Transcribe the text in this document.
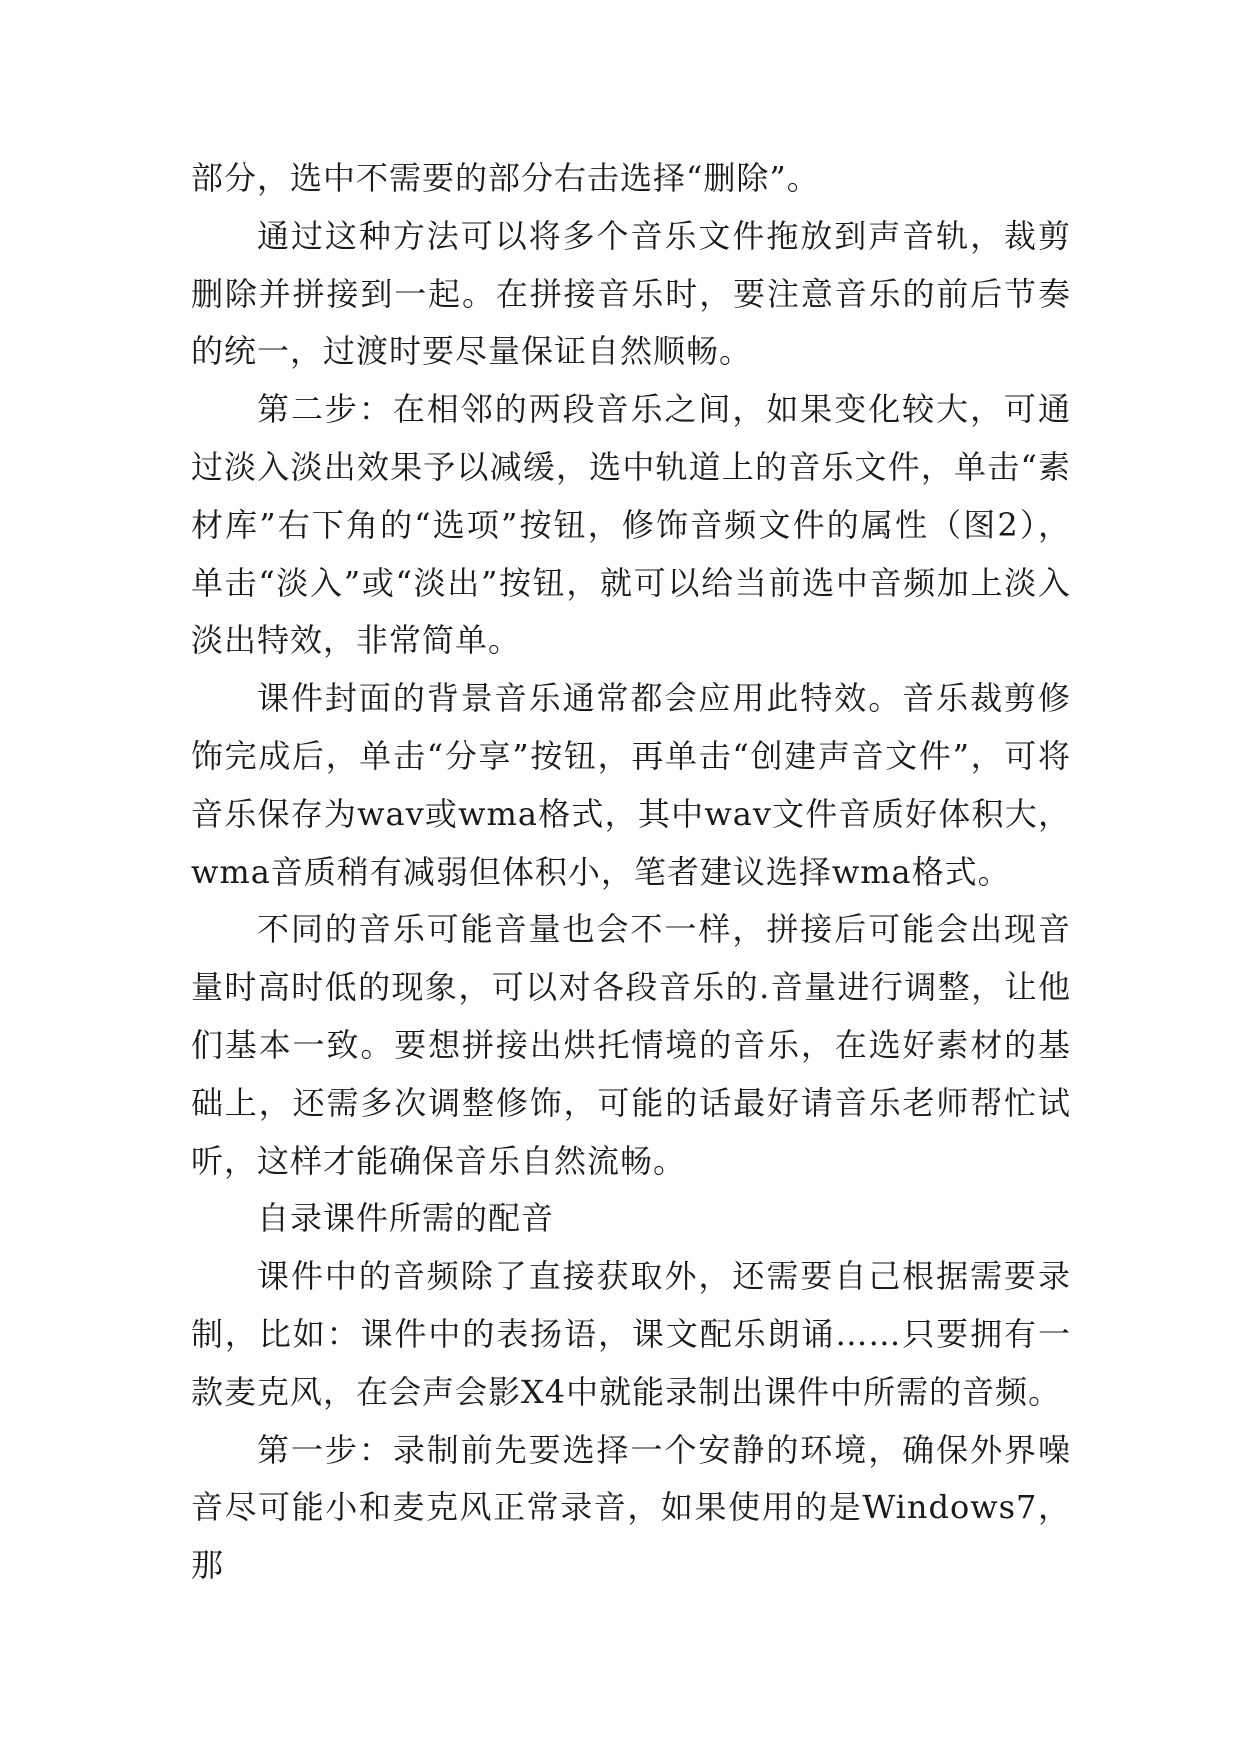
部分，选中不需要的部分右击选择“删除”。

通过这种方法可以将多个音乐文件拖放到声音轨，裁剪删除并拼接到一起。在拼接音乐时，要注意音乐的前后节奏的统一，过渡时要尽量保证自然顺畅。

第二步：在相邻的两段音乐之间，如果变化较大，可通过淡入淡出效果予以减缓，选中轨道上的音乐文件，单击“素材库”右下角的“选项”按钮，修饰音频文件的属性（图2），单击“淡入”或“淡出”按钮，就可以给当前选中音频加上淡入淡出特效，非常简单。

课件封面的背景音乐通常都会应用此特效。音乐裁剪修饰完成后，单击“分享”按钮，再单击“创建声音文件”，可将音乐保存为wav或wma格式，其中wav文件音质好体积大，wma音质稍有减弱但体积小，笔者建议选择wma格式。

不同的音乐可能音量也会不一样，拼接后可能会出现音量时高时低的现象，可以对各段音乐的.音量进行调整，让他们基本一致。要想拼接出烘托情境的音乐，在选好素材的基础上，还需多次调整修饰，可能的话最好请音乐老师帮忙试听，这样才能确保音乐自然流畅。

自录课件所需的配音

课件中的音频除了直接获取外，还需要自己根据需要录制，比如：课件中的表扬语，课文配乐朗诵……只要拥有一款麦克风，在会声会影X4中就能录制出课件中所需的音频。

第一步：录制前先要选择一个安静的环境，确保外界噪音尽可能小和麦克风正常录音，如果使用的是Windows7，那
